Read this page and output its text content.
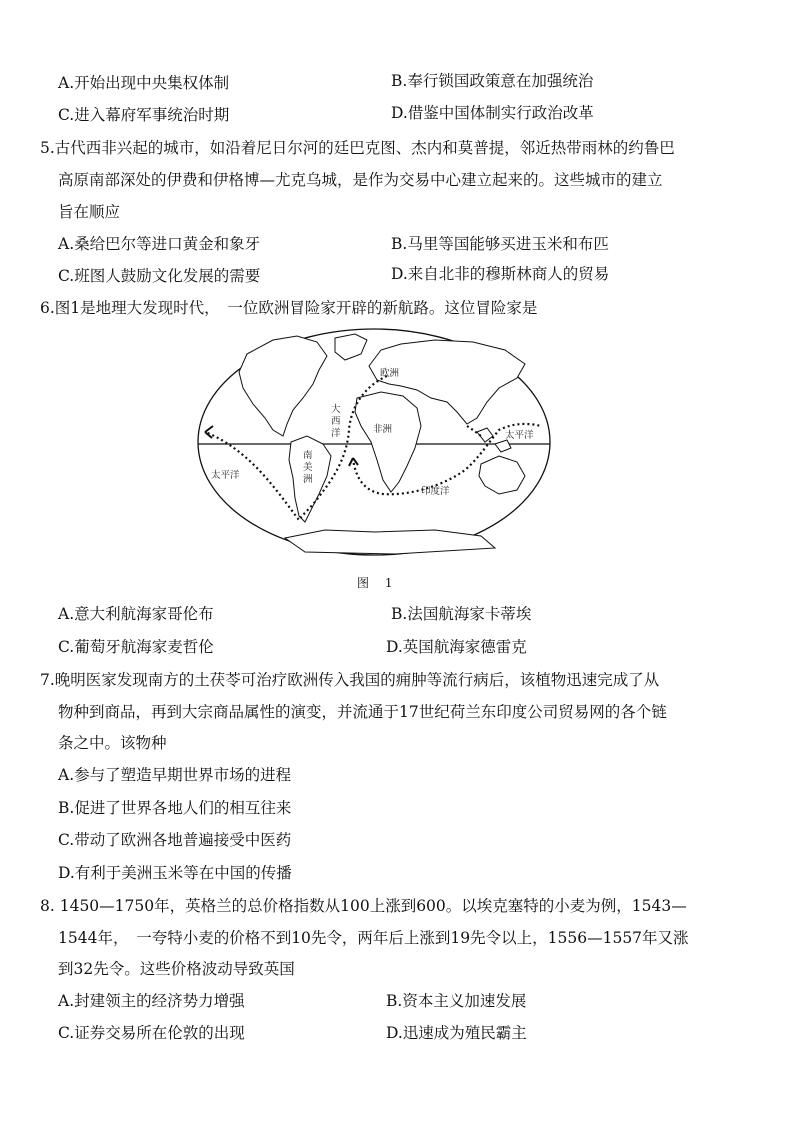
A.开始出现中央集权体制	B.奉行锁国政策意在加强统治
C.进入幕府军事统治时期	D.借鉴中国体制实行政治改革
5.古代西非兴起的城市，如沿着尼日尔河的廷巴克图、杰内和莫普提，邻近热带雨林的约鲁巴
高原南部深处的伊费和伊格博—尤克乌城，是作为交易中心建立起来的。这些城市的建立
旨在顺应
A.桑给巴尔等进口黄金和象牙	B.马里等国能够买进玉米和布匹
C.班图人鼓励文化发展的需要	D.来自北非的穆斯林商人的贸易
6.图1是地理大发现时代，　一位欧洲冒险家开辟的新航路。这位冒险家是
欧洲
大
西
洋	非洲
太平洋
太平洋
南
美
洲
印度洋
图 1
A.意大利航海家哥伦布	B.法国航海家卡蒂埃
C.葡萄牙航海家麦哲伦	D.英国航海家德雷克
7.晚明医家发现南方的土茯苓可治疗欧洲传入我国的痈肿等流行病后，该植物迅速完成了从
物种到商品，再到大宗商品属性的演变，并流通于17世纪荷兰东印度公司贸易网的各个链
条之中。该物种
A.参与了塑造早期世界市场的进程
B.促进了世界各地人们的相互往来
C.带动了欧洲各地普遍接受中医药
D.有利于美洲玉米等在中国的传播
8. 1450—1750年，英格兰的总价格指数从100上涨到600。以埃克塞特的小麦为例，1543—
1544年，　一夸特小麦的价格不到10先令，两年后上涨到19先令以上，1556—1557年又涨
到32先令。这些价格波动导致英国
A.封建领主的经济势力增强	B.资本主义加速发展
C.证券交易所在伦敦的出现	D.迅速成为殖民霸主
